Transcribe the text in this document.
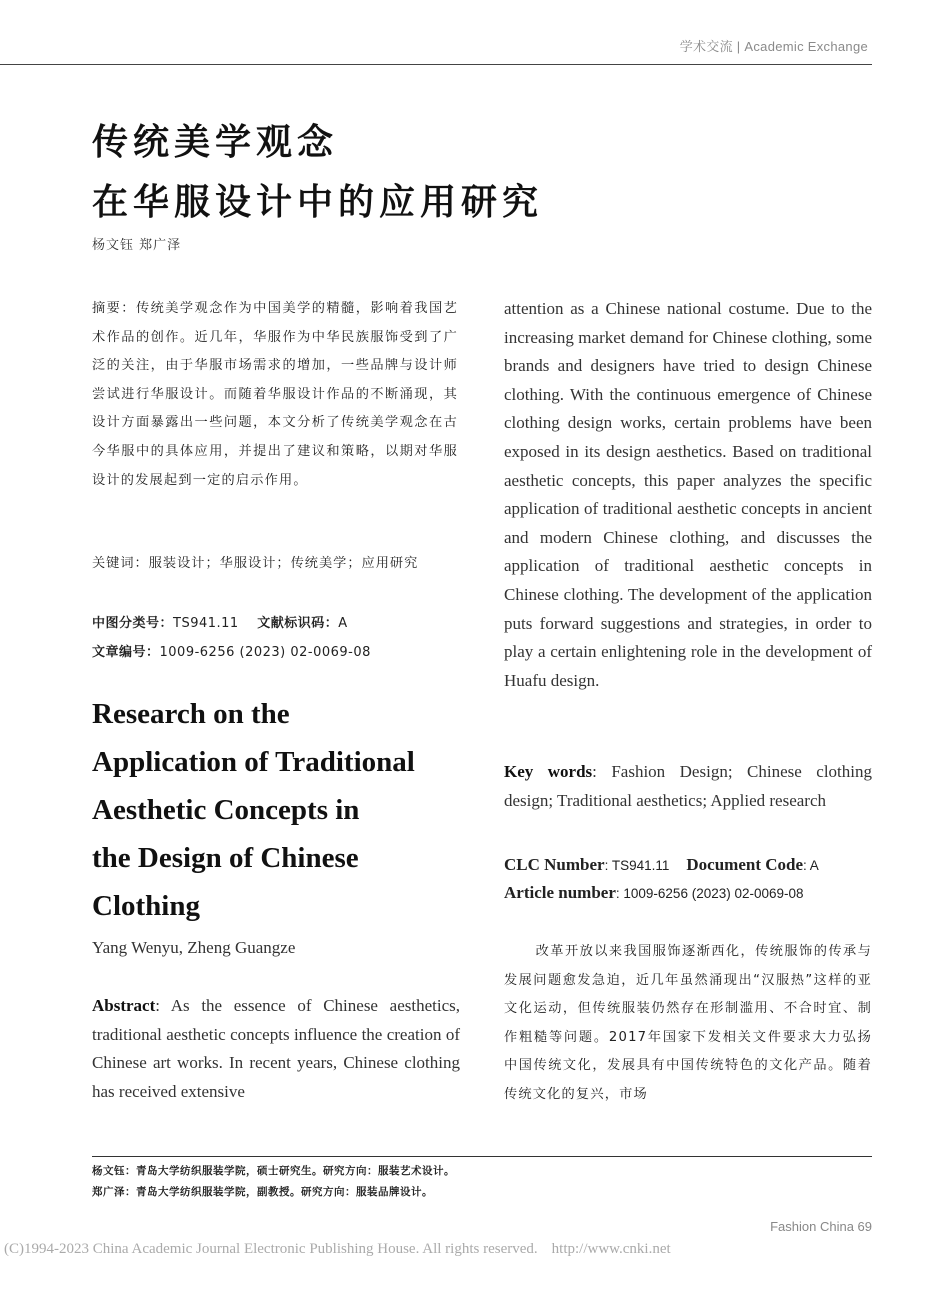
学术交流 | Academic Exchange
传统美学观念
在华服设计中的应用研究
杨文钰 郑广泽
摘要：传统美学观念作为中国美学的精髓，影响着我国艺术作品的创作。近几年，华服作为中华民族服饰受到了广泛的关注，由于华服市场需求的增加，一些品牌与设计师尝试进行华服设计。而随着华服设计作品的不断涌现，其设计方面暴露出一些问题，本文分析了传统美学观念在古今华服中的具体应用，并提出了建议和策略，以期对华服设计的发展起到一定的启示作用。
关键词：服装设计；华服设计；传统美学；应用研究
中图分类号：TS941.11 文献标识码：A
文章编号：1009-6256 (2023) 02-0069-08
Research on the
Application of Traditional
Aesthetic Concepts in
the Design of Chinese
Clothing
Yang Wenyu, Zheng Guangze
Abstract: As the essence of Chinese aesthetics, traditional aesthetic concepts influence the creation of Chinese art works. In recent years, Chinese clothing has received extensive
attention as a Chinese national costume. Due to the increasing market demand for Chinese clothing, some brands and designers have tried to design Chinese clothing. With the continuous emergence of Chinese clothing design works, certain problems have been exposed in its design aesthetics. Based on traditional aesthetic concepts, this paper analyzes the specific application of traditional aesthetic concepts in ancient and modern Chinese clothing, and discusses the application of traditional aesthetic concepts in Chinese clothing. The development of the application puts forward suggestions and strategies, in order to play a certain enlightening role in the development of Huafu design.
Key words: Fashion Design; Chinese clothing design; Traditional aesthetics; Applied research
CLC Number: TS941.11 Document Code: A
Article number: 1009-6256 (2023) 02-0069-08

改革开放以来我国服饰逐渐西化，传统服饰的传承与发展问题愈发急迫，近几年虽然涌现出“汉服热”这样的亚文化运动，但传统服装仍然存在形制滥用、不合时宜、制作粗糙等问题。2017年国家下发相关文件要求大力弘扬中国传统文化，发展具有中国传统特色的文化产品。随着传统文化的复兴，市场

杨文钰：青岛大学纺织服装学院，硕士研究生。研究方向：服装艺术设计。
郑广泽：青岛大学纺织服装学院，副教授。研究方向：服装品牌设计。
Fashion China 69
(C)1994-2023 China Academic Journal Electronic Publishing House. All rights reserved. http://www.cnki.net
